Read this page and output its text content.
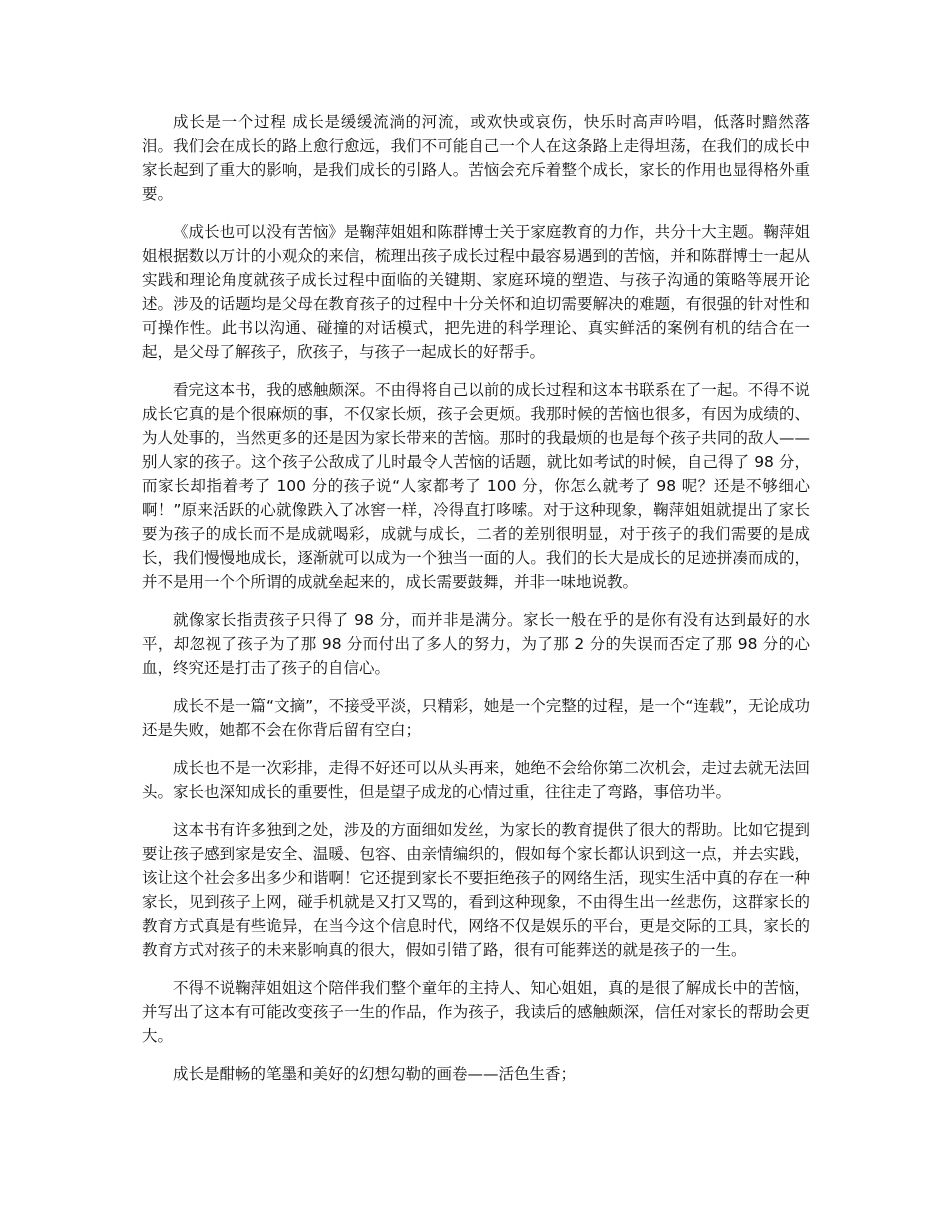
成长是一个过程 成长是缓缓流淌的河流，或欢快或哀伤，快乐时高声吟唱，低落时黯然落泪。我们会在成长的路上愈行愈远，我们不可能自己一个人在这条路上走得坦荡，在我们的成长中家长起到了重大的影响，是我们成长的引路人。苦恼会充斥着整个成长，家长的作用也显得格外重要。

《成长也可以没有苦恼》是鞠萍姐姐和陈群博士关于家庭教育的力作，共分十大主题。鞠萍姐姐根据数以万计的小观众的来信，梳理出孩子成长过程中最容易遇到的苦恼，并和陈群博士一起从实践和理论角度就孩子成长过程中面临的关键期、家庭环境的塑造、与孩子沟通的策略等展开论述。涉及的话题均是父母在教育孩子的过程中十分关怀和迫切需要解决的难题，有很强的针对性和可操作性。此书以沟通、碰撞的对话模式，把先进的科学理论、真实鲜活的案例有机的结合在一起，是父母了解孩子，欣孩子，与孩子一起成长的好帮手。

看完这本书，我的感触颇深。不由得将自己以前的成长过程和这本书联系在了一起。不得不说成长它真的是个很麻烦的事，不仅家长烦，孩子会更烦。我那时候的苦恼也很多，有因为成绩的、为人处事的，当然更多的还是因为家长带来的苦恼。那时的我最烦的也是每个孩子共同的敌人——别人家的孩子。这个孩子公敌成了儿时最令人苦恼的话题，就比如考试的时候，自己得了 98 分，而家长却指着考了 100 分的孩子说“人家都考了 100 分，你怎么就考了 98 呢？还是不够细心啊！”原来活跃的心就像跌入了冰窖一样，冷得直打哆嗦。对于这种现象，鞠萍姐姐就提出了家长要为孩子的成长而不是成就喝彩，成就与成长，二者的差别很明显，对于孩子的我们需要的是成长，我们慢慢地成长，逐渐就可以成为一个独当一面的人。我们的长大是成长的足迹拼凑而成的，并不是用一个个所谓的成就垒起来的，成长需要鼓舞，并非一味地说教。

就像家长指责孩子只得了 98 分，而并非是满分。家长一般在乎的是你有没有达到最好的水平，却忽视了孩子为了那 98 分而付出了多人的努力，为了那 2 分的失误而否定了那 98 分的心血，终究还是打击了孩子的自信心。

成长不是一篇“文摘”，不接受平淡，只精彩，她是一个完整的过程，是一个“连载”，无论成功还是失败，她都不会在你背后留有空白；

成长也不是一次彩排，走得不好还可以从头再来，她绝不会给你第二次机会，走过去就无法回头。家长也深知成长的重要性，但是望子成龙的心情过重，往往走了弯路，事倍功半。

这本书有许多独到之处，涉及的方面细如发丝，为家长的教育提供了很大的帮助。比如它提到要让孩子感到家是安全、温暖、包容、由亲情编织的，假如每个家长都认识到这一点，并去实践，该让这个社会多出多少和谐啊！它还提到家长不要拒绝孩子的网络生活，现实生活中真的存在一种家长，见到孩子上网，碰手机就是又打又骂的，看到这种现象，不由得生出一丝悲伤，这群家长的教育方式真是有些诡异，在当今这个信息时代，网络不仅是娱乐的平台，更是交际的工具，家长的教育方式对孩子的未来影响真的很大，假如引错了路，很有可能葬送的就是孩子的一生。

不得不说鞠萍姐姐这个陪伴我们整个童年的主持人、知心姐姐，真的是很了解成长中的苦恼，并写出了这本有可能改变孩子一生的作品，作为孩子，我读后的感触颇深，信任对家长的帮助会更大。

成长是酣畅的笔墨和美好的幻想勾勒的画卷——活色生香；
